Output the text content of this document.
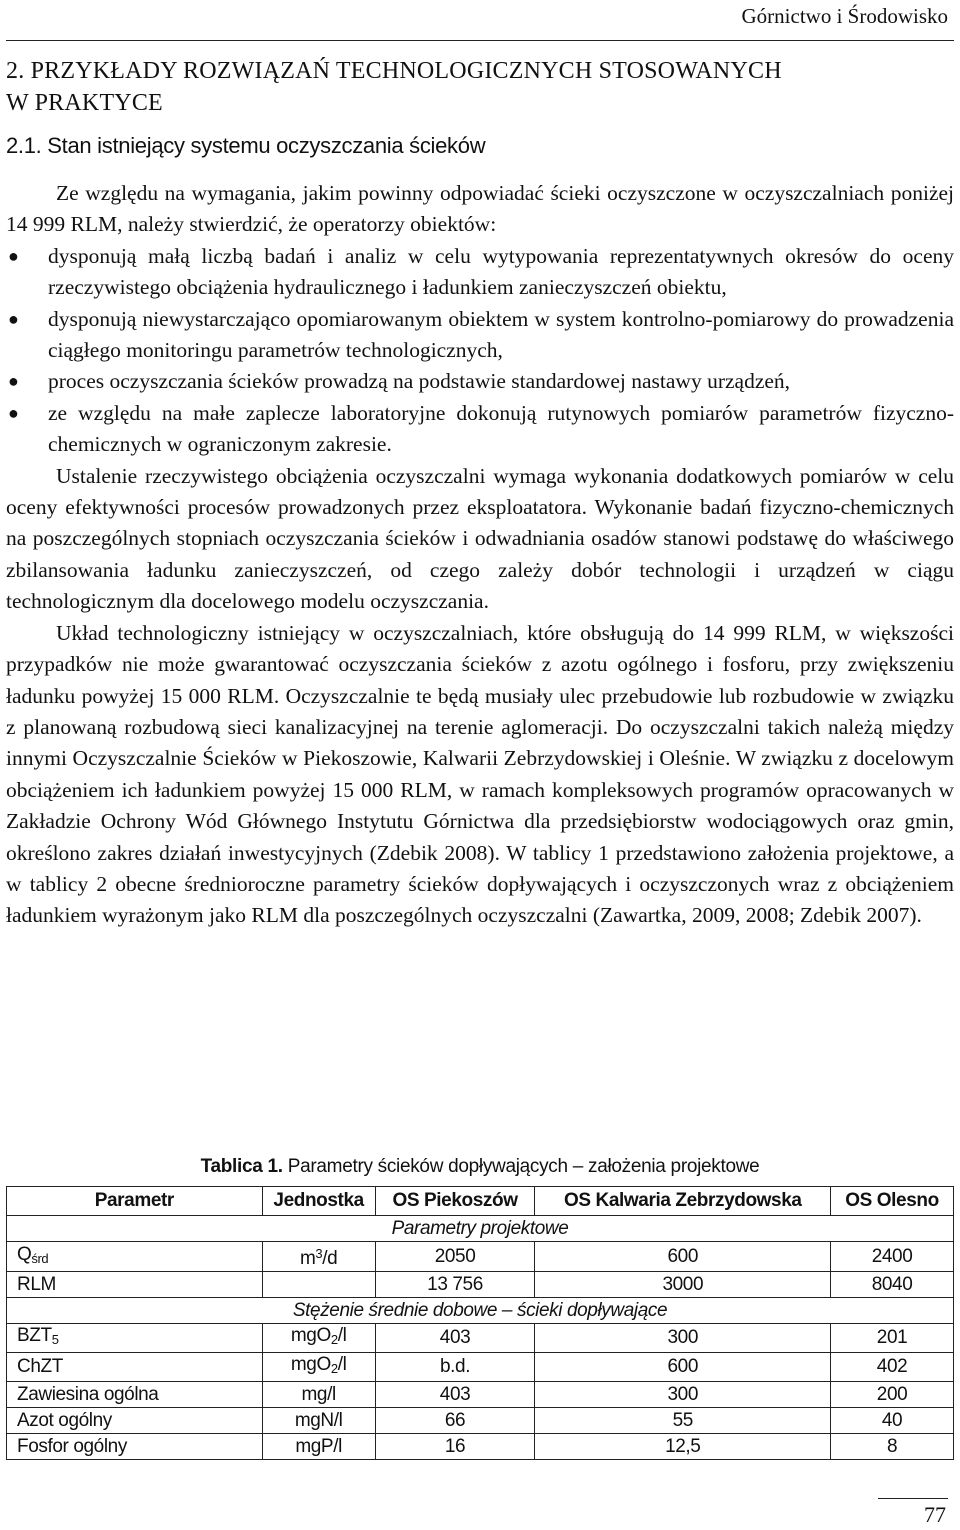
Górnictwo i Środowisko
2. PRZYKŁADY ROZWIĄZAŃ TECHNOLOGICZNYCH STOSOWANYCH
W PRAKTYCE
2.1. Stan istniejący systemu oczyszczania ścieków

Ze względu na wymagania, jakim powinny odpowiadać ścieki oczyszczone w oczyszczalniach poniżej 14 999 RLM, należy stwierdzić, że operatorzy obiektów:

● dysponują małą liczbą badań i analiz w celu wytypowania reprezentatywnych okresów do oceny rzeczywistego obciążenia hydraulicznego i ładunkiem zanieczyszczeń obiektu,
● dysponują niewystarczająco opomiarowanym obiektem w system kontrolno-pomiarowy do prowadzenia ciągłego monitoringu parametrów technologicznych,
● proces oczyszczania ścieków prowadzą na podstawie standardowej nastawy urządzeń,
● ze względu na małe zaplecze laboratoryjne dokonują rutynowych pomiarów parametrów fizyczno-chemicznych w ograniczonym zakresie.

Ustalenie rzeczywistego obciążenia oczyszczalni wymaga wykonania dodatkowych pomiarów w celu oceny efektywności procesów prowadzonych przez eksploatatora. Wykonanie badań fizyczno-chemicznych na poszczególnych stopniach oczyszczania ścieków i odwadniania osadów stanowi podstawę do właściwego zbilansowania ładunku zanieczyszczeń, od czego zależy dobór technologii i urządzeń w ciągu technologicznym dla docelowego modelu oczyszczania.

Układ technologiczny istniejący w oczyszczalniach, które obsługują do 14 999 RLM, w większości przypadków nie może gwarantować oczyszczania ścieków z azotu ogólnego i fosforu, przy zwiększeniu ładunku powyżej 15 000 RLM. Oczyszczalnie te będą musiały ulec przebudowie lub rozbudowie w związku z planowaną rozbudową sieci kanalizacyjnej na terenie aglomeracji. Do oczyszczalni takich należą między innymi Oczyszczalnie Ścieków w Piekoszowie, Kalwarii Zebrzydowskiej i Oleśnie. W związku z docelowym obciążeniem ich ładunkiem powyżej 15 000 RLM, w ramach kompleksowych programów opracowanych w Zakładzie Ochrony Wód Głównego Instytutu Górnictwa dla przedsiębiorstw wodociągowych oraz gmin, określono zakres działań inwestycyjnych (Zdebik 2008). W tablicy 1 przedstawiono założenia projektowe, a w tablicy 2 obecne średnioroczne parametry ścieków dopływających i oczyszczonych wraz z obciążeniem ładunkiem wyrażonym jako RLM dla poszczególnych oczyszczalni (Zawartka, 2009, 2008; Zdebik 2007).

Tablica 1. Parametry ścieków dopływających – założenia projektowe
Parametr	Jednostka	OS Piekoszów	OS Kalwaria Zebrzydowska	OS Olesno
Parametry projektowe				
$Q_{śrd}$	$m^3/d$	2050	600	2400
RLM		13 756	3000	8040
Stężenie średnie dobowe – ścieki dopływające				
$BZT_5$	mgO$_2$/l	403	300	201
ChZT	mgO$_2$/l	b.d.	600	402
Zawiesina ogólna	mg/l	403	300	200
Azot ogólny	mgN/l	66	55	40
Fosfor ogólny	mgP/l	16	12,5	8
77
